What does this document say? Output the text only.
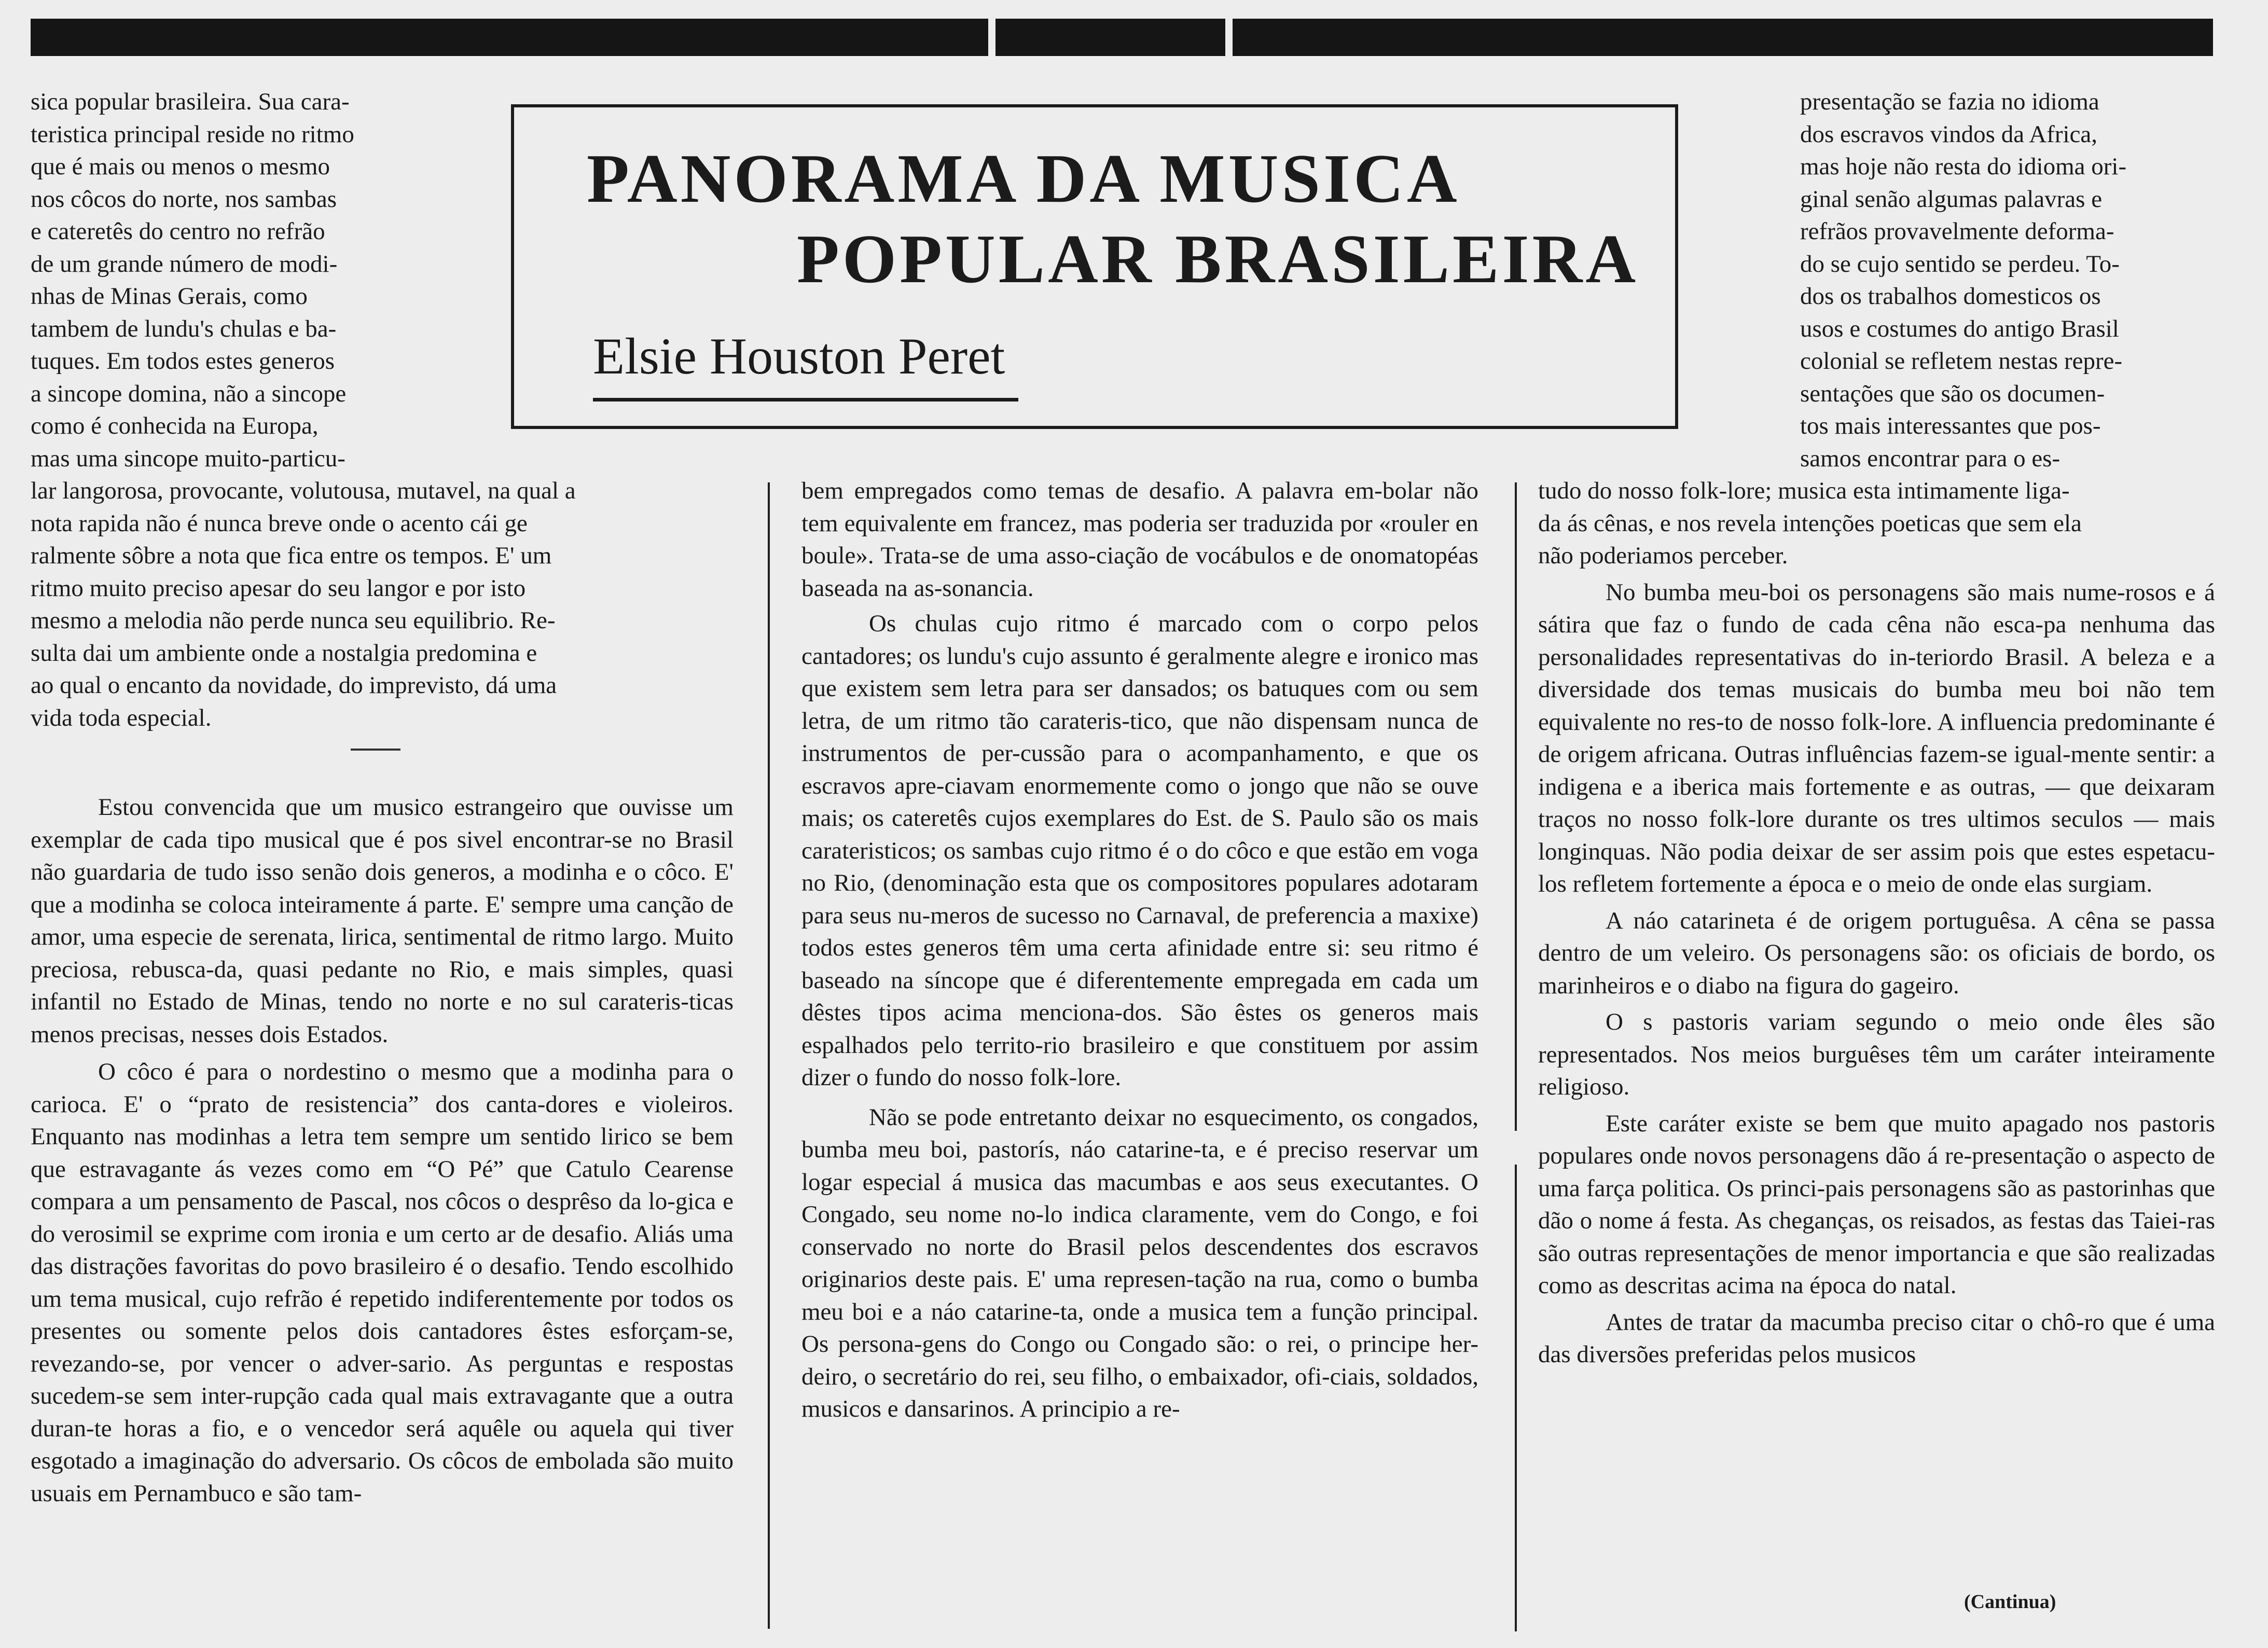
sica popular brasileira. Sua cara-

teristica principal reside no ritmo

que é mais ou menos o mesmo

nos côcos do norte, nos sambas

e cateretês do centro no refrão

de um grande número de modi-

nhas de Minas Gerais, como

tambem de lundu's chulas e ba-

tuques. Em todos estes generos

a sincope domina, não a sincope

como é conhecida na Europa,

mas uma sincope muito-particu-

PANORAMA DA MUSICA
POPULAR BRASILEIRA
Elsie Houston Peret

lar langorosa, provocante, volutousa, mutavel, na qual a

nota rapida não é nunca breve onde o acento cái ge

ralmente sôbre a nota que fica entre os tempos. E' um

ritmo muito preciso apesar do seu langor e por isto

mesmo a melodia não perde nunca seu equilibrio. Re-

sulta dai um ambiente onde a nostalgia predomina e

ao qual o encanto da novidade, do imprevisto, dá uma

vida toda especial.

Estou convencida que um musico estrangeiro que ouvisse um exemplar de cada tipo musical que é pos sivel encontrar-se no Brasil não guardaria de tudo isso senão dois generos, a modinha e o côco. E' que a modinha se coloca inteiramente á parte. E' sempre uma canção de amor, uma especie de serenata, lirica, sentimental de ritmo largo. Muito preciosa, rebusca-da, quasi pedante no Rio, e mais simples, quasi infantil no Estado de Minas, tendo no norte e no sul carateris-ticas menos precisas, nesses dois Estados.

O côco é para o nordestino o mesmo que a modinha para o carioca. E' o “prato de resistencia” dos canta-dores e violeiros. Enquanto nas modinhas a letra tem sempre um sentido lirico se bem que estravagante ás vezes como em “O Pé” que Catulo Cearense compara a um pensamento de Pascal, nos côcos o desprêso da lo-gica e do verosimil se exprime com ironia e um certo ar de desafio. Aliás uma das distrações favoritas do povo brasileiro é o desafio. Tendo escolhido um tema musical, cujo refrão é repetido indiferentemente por todos os presentes ou somente pelos dois cantadores êstes esforçam-se, revezando-se, por vencer o adver-sario. As perguntas e respostas sucedem-se sem inter-rupção cada qual mais extravagante que a outra duran-te horas a fio, e o vencedor será aquêle ou aquela qui tiver esgotado a imaginação do adversario. Os côcos de embolada são muito usuais em Pernambuco e são tam-

bem empregados como temas de desafio. A palavra em-bolar não tem equivalente em francez, mas poderia ser traduzida por «rouler en boule». Trata-se de uma asso-ciação de vocábulos e de onomatopéas baseada na as-sonancia.

Os chulas cujo ritmo é marcado com o corpo pelos cantadores; os lundu's cujo assunto é geralmente alegre e ironico mas que existem sem letra para ser dansados; os batuques com ou sem letra, de um ritmo tão carateris-tico, que não dispensam nunca de instrumentos de per-cussão para o acompanhamento, e que os escravos apre-ciavam enormemente como o jongo que não se ouve mais; os cateretês cujos exemplares do Est. de S. Paulo são os mais carateristicos; os sambas cujo ritmo é o do côco e que estão em voga no Rio, (denominação esta que os compositores populares adotaram para seus nu-meros de sucesso no Carnaval, de preferencia a maxixe) todos estes generos têm uma certa afinidade entre si: seu ritmo é baseado na síncope que é diferentemente empregada em cada um dêstes tipos acima menciona-dos. São êstes os generos mais espalhados pelo territo-rio brasileiro e que constituem por assim dizer o fundo do nosso folk-lore.

Não se pode entretanto deixar no esquecimento, os congados, bumba meu boi, pastorís, náo catarine-ta, e é preciso reservar um logar especial á musica das macumbas e aos seus executantes. O Congado, seu nome no-lo indica claramente, vem do Congo, e foi conservado no norte do Brasil pelos descendentes dos escravos originarios deste pais. E' uma represen-tação na rua, como o bumba meu boi e a náo catarine-ta, onde a musica tem a função principal. Os persona-gens do Congo ou Congado são: o rei, o principe her-deiro, o secretário do rei, seu filho, o embaixador, ofi-ciais, soldados, musicos e dansarinos. A principio a re-

presentação se fazia no idioma

dos escravos vindos da Africa,

mas hoje não resta do idioma ori-

ginal senão algumas palavras e

refrãos provavelmente deforma-

do se cujo sentido se perdeu. To-

dos os trabalhos domesticos os

usos e costumes do antigo Brasil

colonial se refletem nestas repre-

sentações que são os documen-

tos mais interessantes que pos-

samos encontrar para o es-

tudo do nosso folk-lore; musica esta intimamente liga-

da ás cênas, e nos revela intenções poeticas que sem ela

não poderiamos perceber.

No bumba meu-boi os personagens são mais nume-rosos e á sátira que faz o fundo de cada cêna não esca-pa nenhuma das personalidades representativas do in-teriordo Brasil. A beleza e a diversidade dos temas musicais do bumba meu boi não tem equivalente no res-to de nosso folk-lore. A influencia predominante é de origem africana. Outras influências fazem-se igual-mente sentir: a indigena e a iberica mais fortemente e as outras, — que deixaram traços no nosso folk-lore durante os tres ultimos seculos — mais longinquas. Não podia deixar de ser assim pois que estes espetacu-los refletem fortemente a época e o meio de onde elas surgiam.

A náo catarineta é de origem portuguêsa. A cêna se passa dentro de um veleiro. Os personagens são: os oficiais de bordo, os marinheiros e o diabo na figura do gageiro.

O s pastoris variam segundo o meio onde êles são representados. Nos meios burguêses têm um caráter inteiramente religioso.

Este caráter existe se bem que muito apagado nos pastoris populares onde novos personagens dão á re-presentação o aspecto de uma farça politica. Os princi-pais personagens são as pastorinhas que dão o nome á festa. As cheganças, os reisados, as festas das Taiei-ras são outras representações de menor importancia e que são realizadas como as descritas acima na época do natal.

Antes de tratar da macumba preciso citar o chô-ro que é uma das diversões preferidas pelos musicos

(Cantinua)
